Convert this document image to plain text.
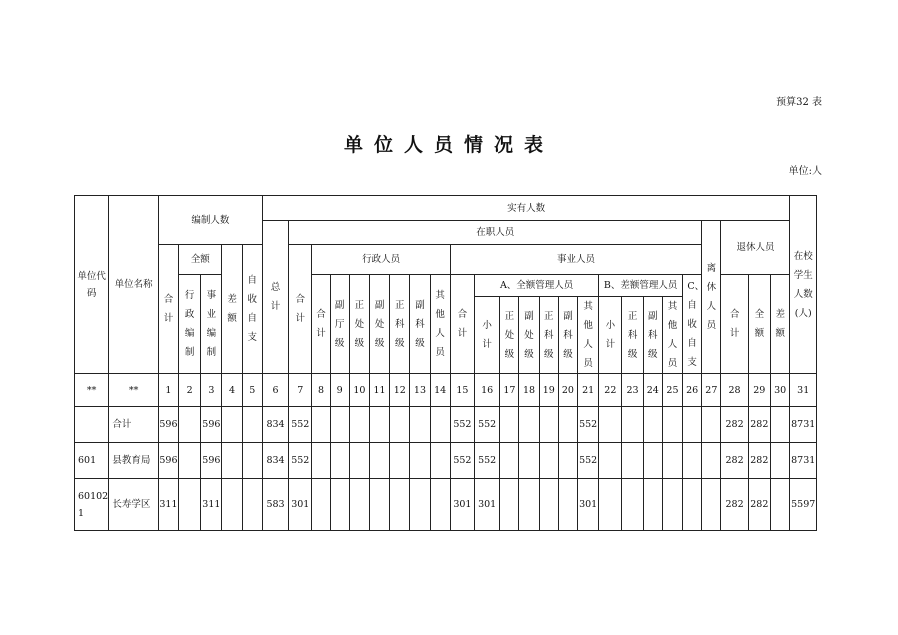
预算32 表
单位人员情况表
单位:人
单位代码	单位名称	编制人数					实有人数																									在校学生人数(人)
							总计	在职人员																				离休人员	退休人员			
		合计	全额		差额	自收自支		合计	行政人员							事业人员																
			行政编制	事业编制					合计	副厅级	正处级	副处级	正科级	副科级	其他人员	合计	A、全额管理人员						B、差额管理人员				C、自收自支		合计	全额	差额	
																	小计	正处级	副处级	正科级	副科级	其他人员	小计	正科级	副科级	其他人员						
**	**	1	2	3	4	5	6	7	8	9	10	11	12	13	14	15	16	17	18	19	20	21	22	23	24	25	26	27	28	29	30	31
	合计	596		596			834	552								552	552					552							282	282		8731
601	县教育局	596		596			834	552								552	552					552							282	282		8731
601021	长寿学区	311		311			583	301								301	301					301							282	282		5597
